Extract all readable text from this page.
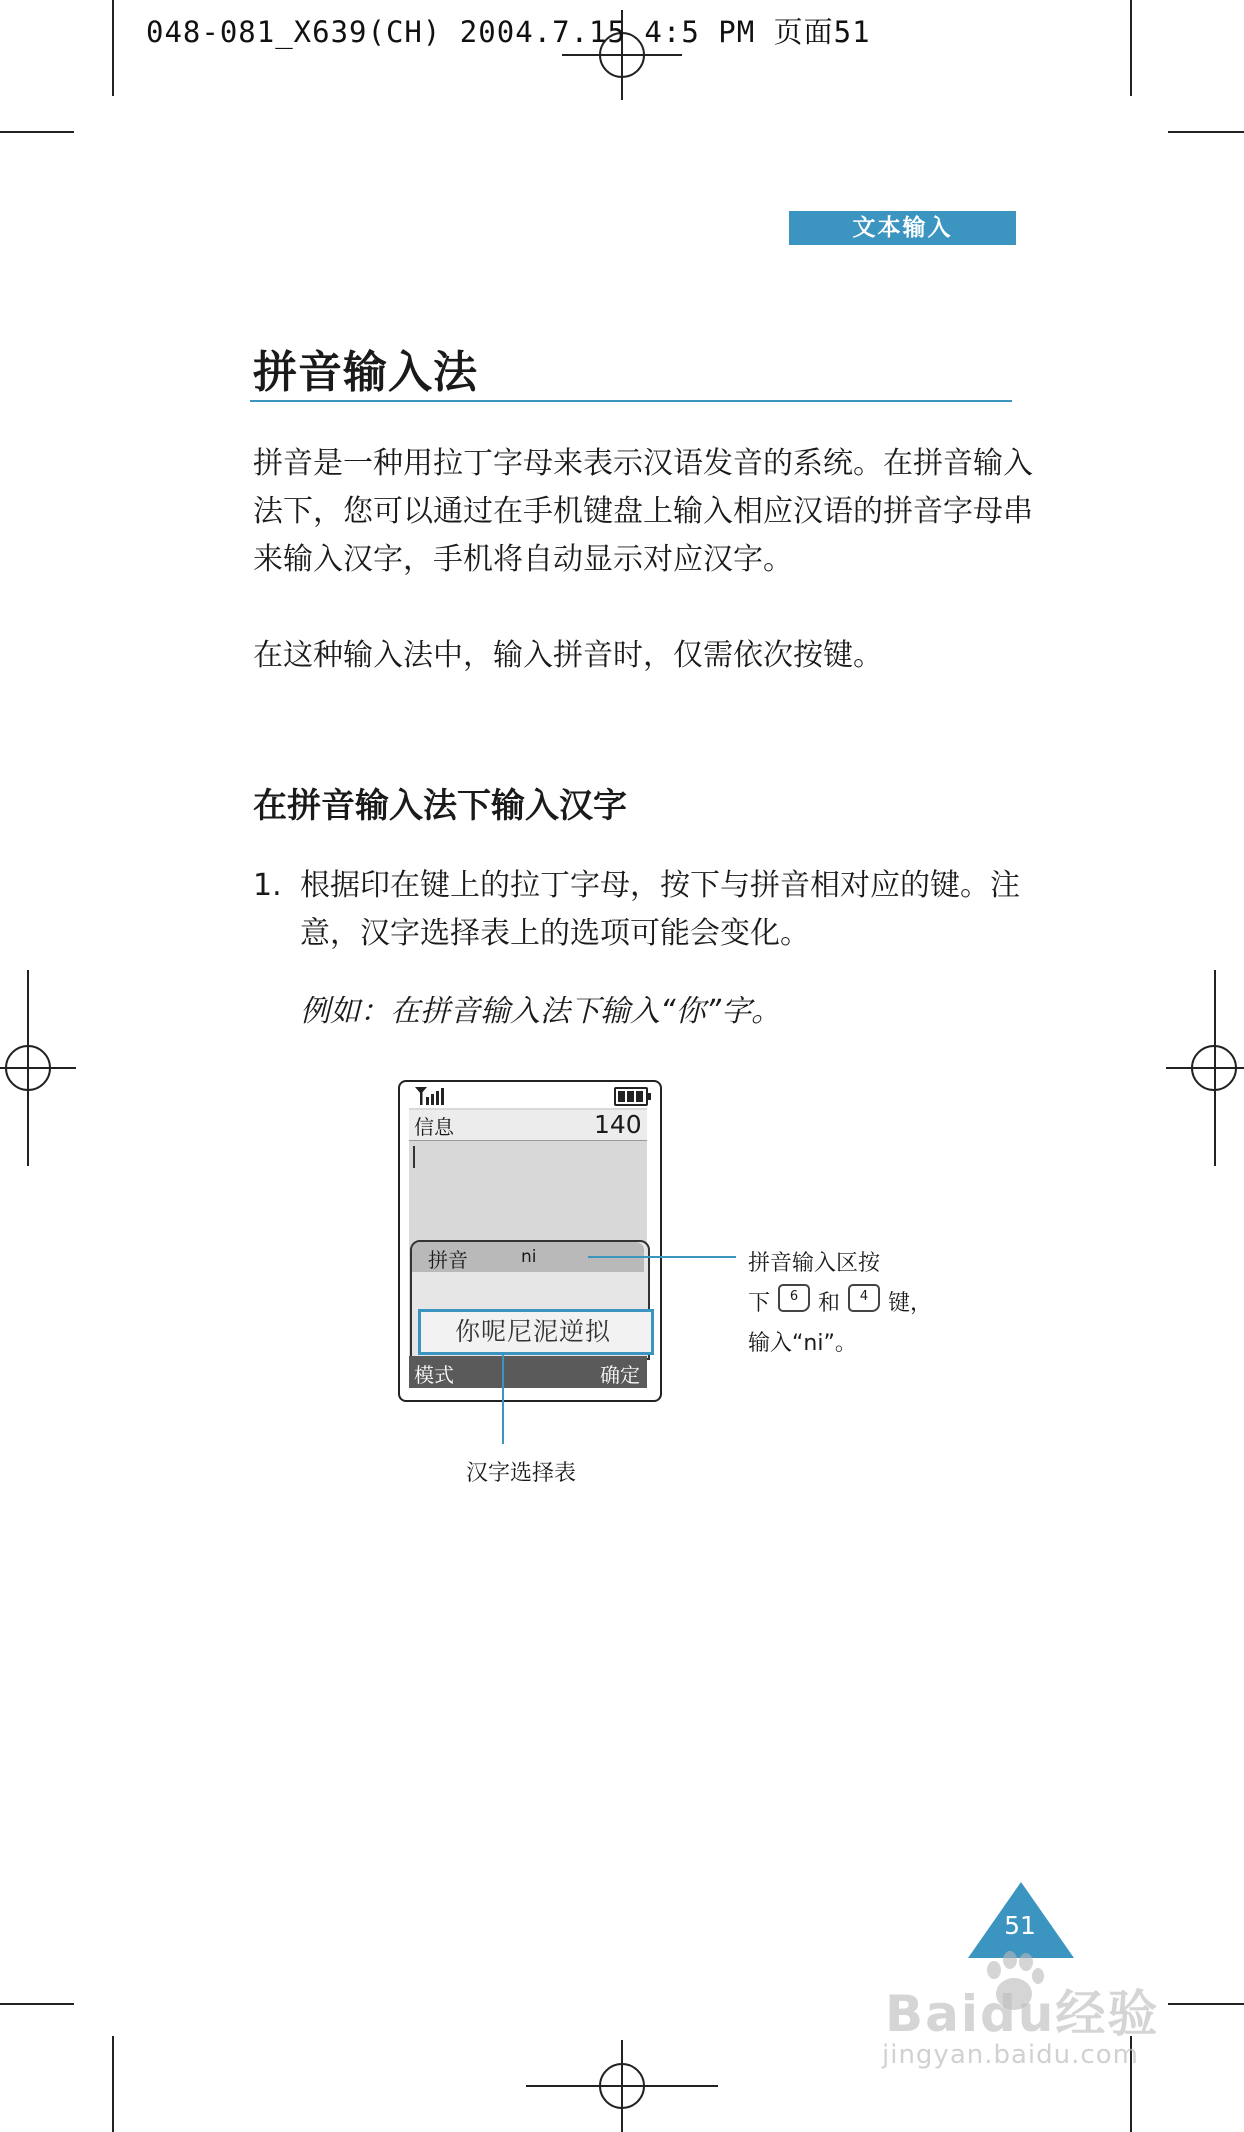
048-081_X639(CH) 2004.7.15 4:5 PM 页面51
文本输入
拼音输入法
拼音是一种用拉丁字母来表示汉语发音的系统。在拼音输入法下，您可以通过在手机键盘上输入相应汉语的拼音字母串来输入汉字，手机将自动显示对应汉字。
在这种输入法中，输入拼音时，仅需依次按键。
在拼音输入法下输入汉字
1. 根据印在键上的拉丁字母，按下与拼音相对应的键。注意，汉字选择表上的选项可能会变化。
例如：在拼音输入法下输入“你”字。
信息	140
拼音	ni
你呢尼泥逆拟
模式	确定
拼音输入区按
下 6 和 4 键，
输入“ni”。
汉字选择表
51
Baidu经验
jingyan.baidu.com
